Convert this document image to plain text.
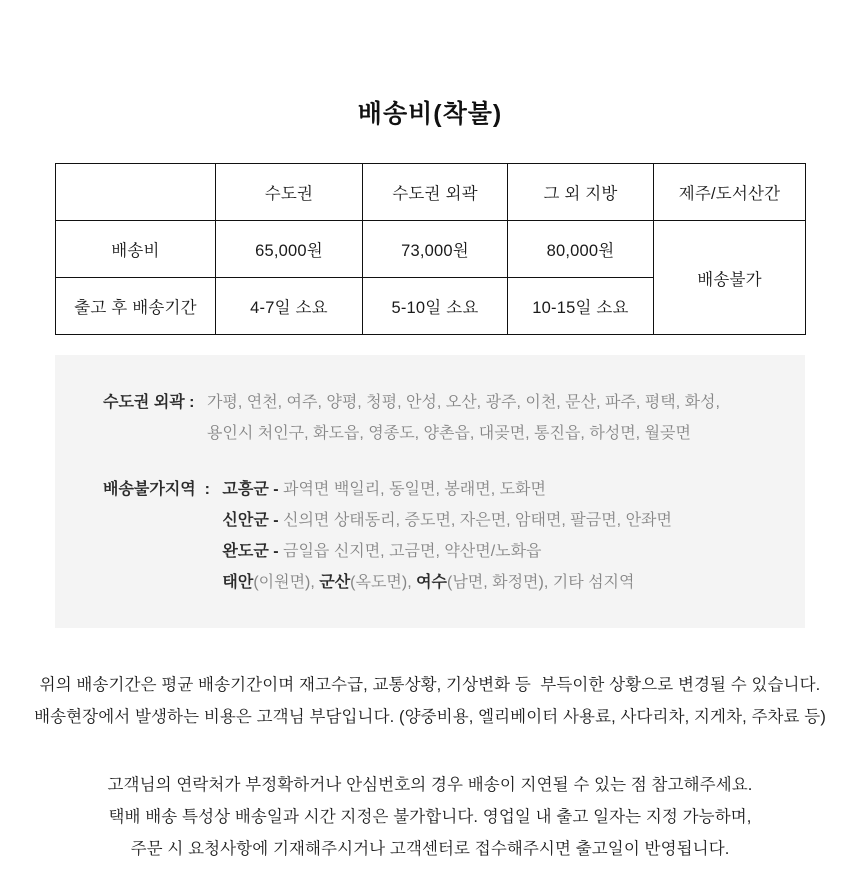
배송비(착불)
	수도권	수도권 외곽	그 외 지방	제주/도서산간
배송비	65,000원	73,000원	80,000원	배송불가
출고 후 배송기간	4-7일 소요	5-10일 소요	10-15일 소요	
수도권 외곽 : 가평, 연천, 여주, 양평, 청평, 안성, 오산, 광주, 이천, 문산, 파주, 평택, 화성,
용인시 처인구, 화도읍, 영종도, 양촌읍, 대곶면, 통진읍, 하성면, 월곶면
배송불가지역  : 고흥군 - 과역면 백일리, 동일면, 봉래면, 도화면
신안군 - 신의면 상태동리, 증도면, 자은면, 암태면, 팔금면, 안좌면
완도군 - 금일읍 신지면, 고금면, 약산면/노화읍
태안(이원면), 군산(옥도면), 여수(남면, 화정면), 기타 섬지역
위의 배송기간은 평균 배송기간이며 재고수급, 교통상황, 기상변화 등  부득이한 상황으로 변경될 수 있습니다.
배송현장에서 발생하는 비용은 고객님 부담입니다. (양중비용, 엘리베이터 사용료, 사다리차, 지게차, 주차료 등)
고객님의 연락처가 부정확하거나 안심번호의 경우 배송이 지연될 수 있는 점 참고해주세요.
택배 배송 특성상 배송일과 시간 지정은 불가합니다. 영업일 내 출고 일자는 지정 가능하며,
주문 시 요청사항에 기재해주시거나 고객센터로 접수해주시면 출고일이 반영됩니다.
